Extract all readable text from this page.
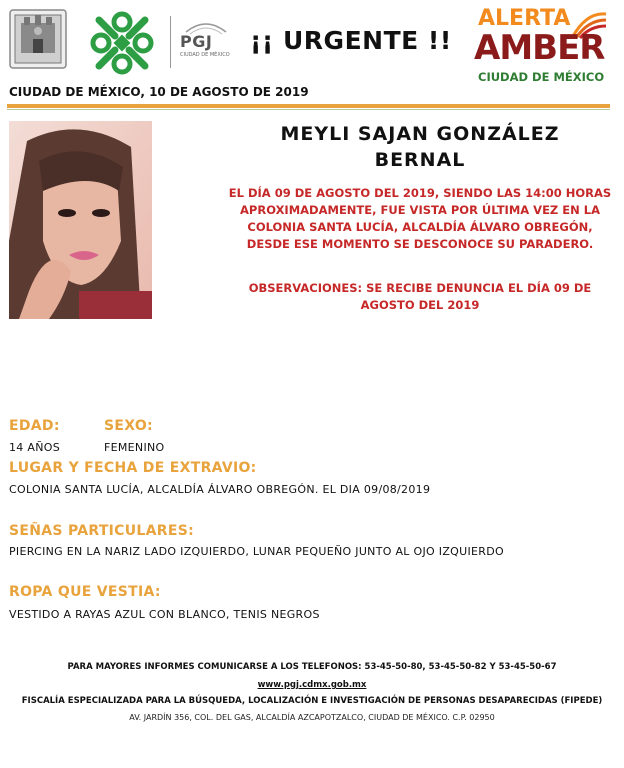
PGJ
CIUDAD DE MÉXICO ¡¡ URGENTE !!
ALERTA
AMBER
CIUDAD DE MÉXICO
CIUDAD DE MÉXICO, 10 DE AGOSTO DE 2019
MEYLI SAJAN GONZÁLEZ
BERNAL
EL DÍA 09 DE AGOSTO DEL 2019, SIENDO LAS 14:00 HORAS APROXIMADAMENTE, FUE VISTA POR ÚLTIMA VEZ EN LA COLONIA SANTA LUCÍA, ALCALDÍA ÁLVARO OBREGÓN, DESDE ESE MOMENTO SE DESCONOCE SU PARADERO.
OBSERVACIONES: SE RECIBE DENUNCIA EL DÍA 09 DE AGOSTO DEL 2019
EDAD:
14 AÑOS
SEXO:
FEMENINO
LUGAR Y FECHA DE EXTRAVIO:
COLONIA SANTA LUCÍA, ALCALDÍA ÁLVARO OBREGÓN. EL DIA 09/08/2019
SEÑAS PARTICULARES:
PIERCING EN LA NARIZ LADO IZQUIERDO, LUNAR PEQUEÑO JUNTO AL OJO IZQUIERDO
ROPA QUE VESTIA:
VESTIDO A RAYAS AZUL CON BLANCO, TENIS NEGROS
PARA MAYORES INFORMES COMUNICARSE A LOS TELEFONOS: 53-45-50-80, 53-45-50-82 Y 53-45-50-67
www.pgj.cdmx.gob.mx
FISCALÍA ESPECIALIZADA PARA LA BÚSQUEDA, LOCALIZACIÓN E INVESTIGACIÓN DE PERSONAS DESAPARECIDAS (FIPEDE)
AV. JARDÍN 356, COL. DEL GAS, ALCALDÍA AZCAPOTZALCO, CIUDAD DE MÉXICO. C.P. 02950
